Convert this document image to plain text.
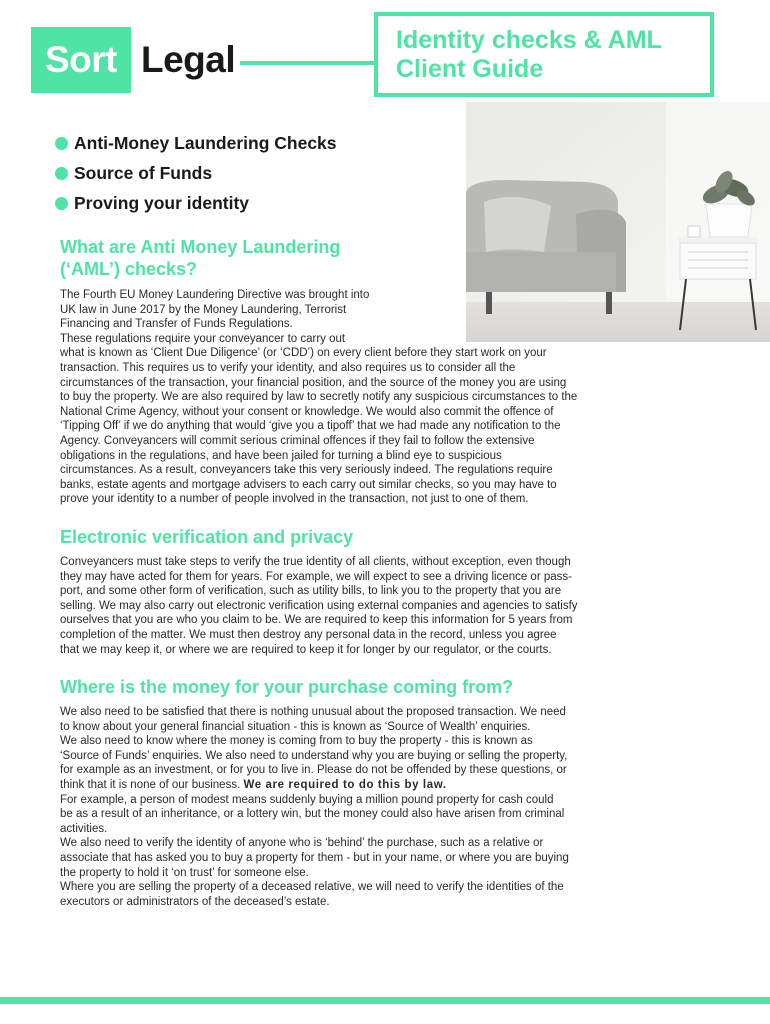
Sort Legal	Identity checks & AML
Client Guide
Anti-Money Laundering Checks
Source of Funds
Proving your identity
What are Anti Money Laundering
(‘AML’) checks?
The Fourth EU Money Laundering Directive was brought into
UK law in June 2017 by the Money Laundering, Terrorist
Financing and Transfer of Funds Regulations.
These regulations require your conveyancer to carry out
what is known as ‘Client Due Diligence’ (or ‘CDD’) on every client before they start work on your
transaction. This requires us to verify your identity, and also requires us to consider all the
circumstances of the transaction, your financial position, and the source of the money you are using
to buy the property. We are also required by law to secretly notify any suspicious circumstances to the
National Crime Agency, without your consent or knowledge. We would also commit the offence of
‘Tipping Off’ if we do anything that would ‘give you a tipoff’ that we had made any notification to the
Agency. Conveyancers will commit serious criminal offences if they fail to follow the extensive
obligations in the regulations, and have been jailed for turning a blind eye to suspicious
circumstances. As a result, conveyancers take this very seriously indeed. The regulations require
banks, estate agents and mortgage advisers to each carry out similar checks, so you may have to
prove your identity to a number of people involved in the transaction, not just to one of them.
Electronic verification and privacy
Conveyancers must take steps to verify the true identity of all clients, without exception, even though
they may have acted for them for years. For example, we will expect to see a driving licence or pass-
port, and some other form of verification, such as utility bills, to link you to the property that you are
selling. We may also carry out electronic verification using external companies and agencies to satisfy
ourselves that you are who you claim to be. We are required to keep this information for 5 years from
completion of the matter. We must then destroy any personal data in the record, unless you agree
that we may keep it, or where we are required to keep it for longer by our regulator, or the courts.
Where is the money for your purchase coming from?
We also need to be satisfied that there is nothing unusual about the proposed transaction. We need
to know about your general financial situation - this is known as ‘Source of Wealth’ enquiries.
We also need to know where the money is coming from to buy the property - this is known as
‘Source of Funds’ enquiries. We also need to understand why you are buying or selling the property,
for example as an investment, or for you to live in. Please do not be offended by these questions, or
think that it is none of our business. We are required to do this by law.
For example, a person of modest means suddenly buying a million pound property for cash could
be as a result of an inheritance, or a lottery win, but the money could also have arisen from criminal
activities.
We also need to verify the identity of anyone who is ‘behind’ the purchase, such as a relative or
associate that has asked you to buy a property for them - but in your name, or where you are buying
the property to hold it ‘on trust’ for someone else.
Where you are selling the property of a deceased relative, we will need to verify the identities of the
executors or administrators of the deceased’s estate.
